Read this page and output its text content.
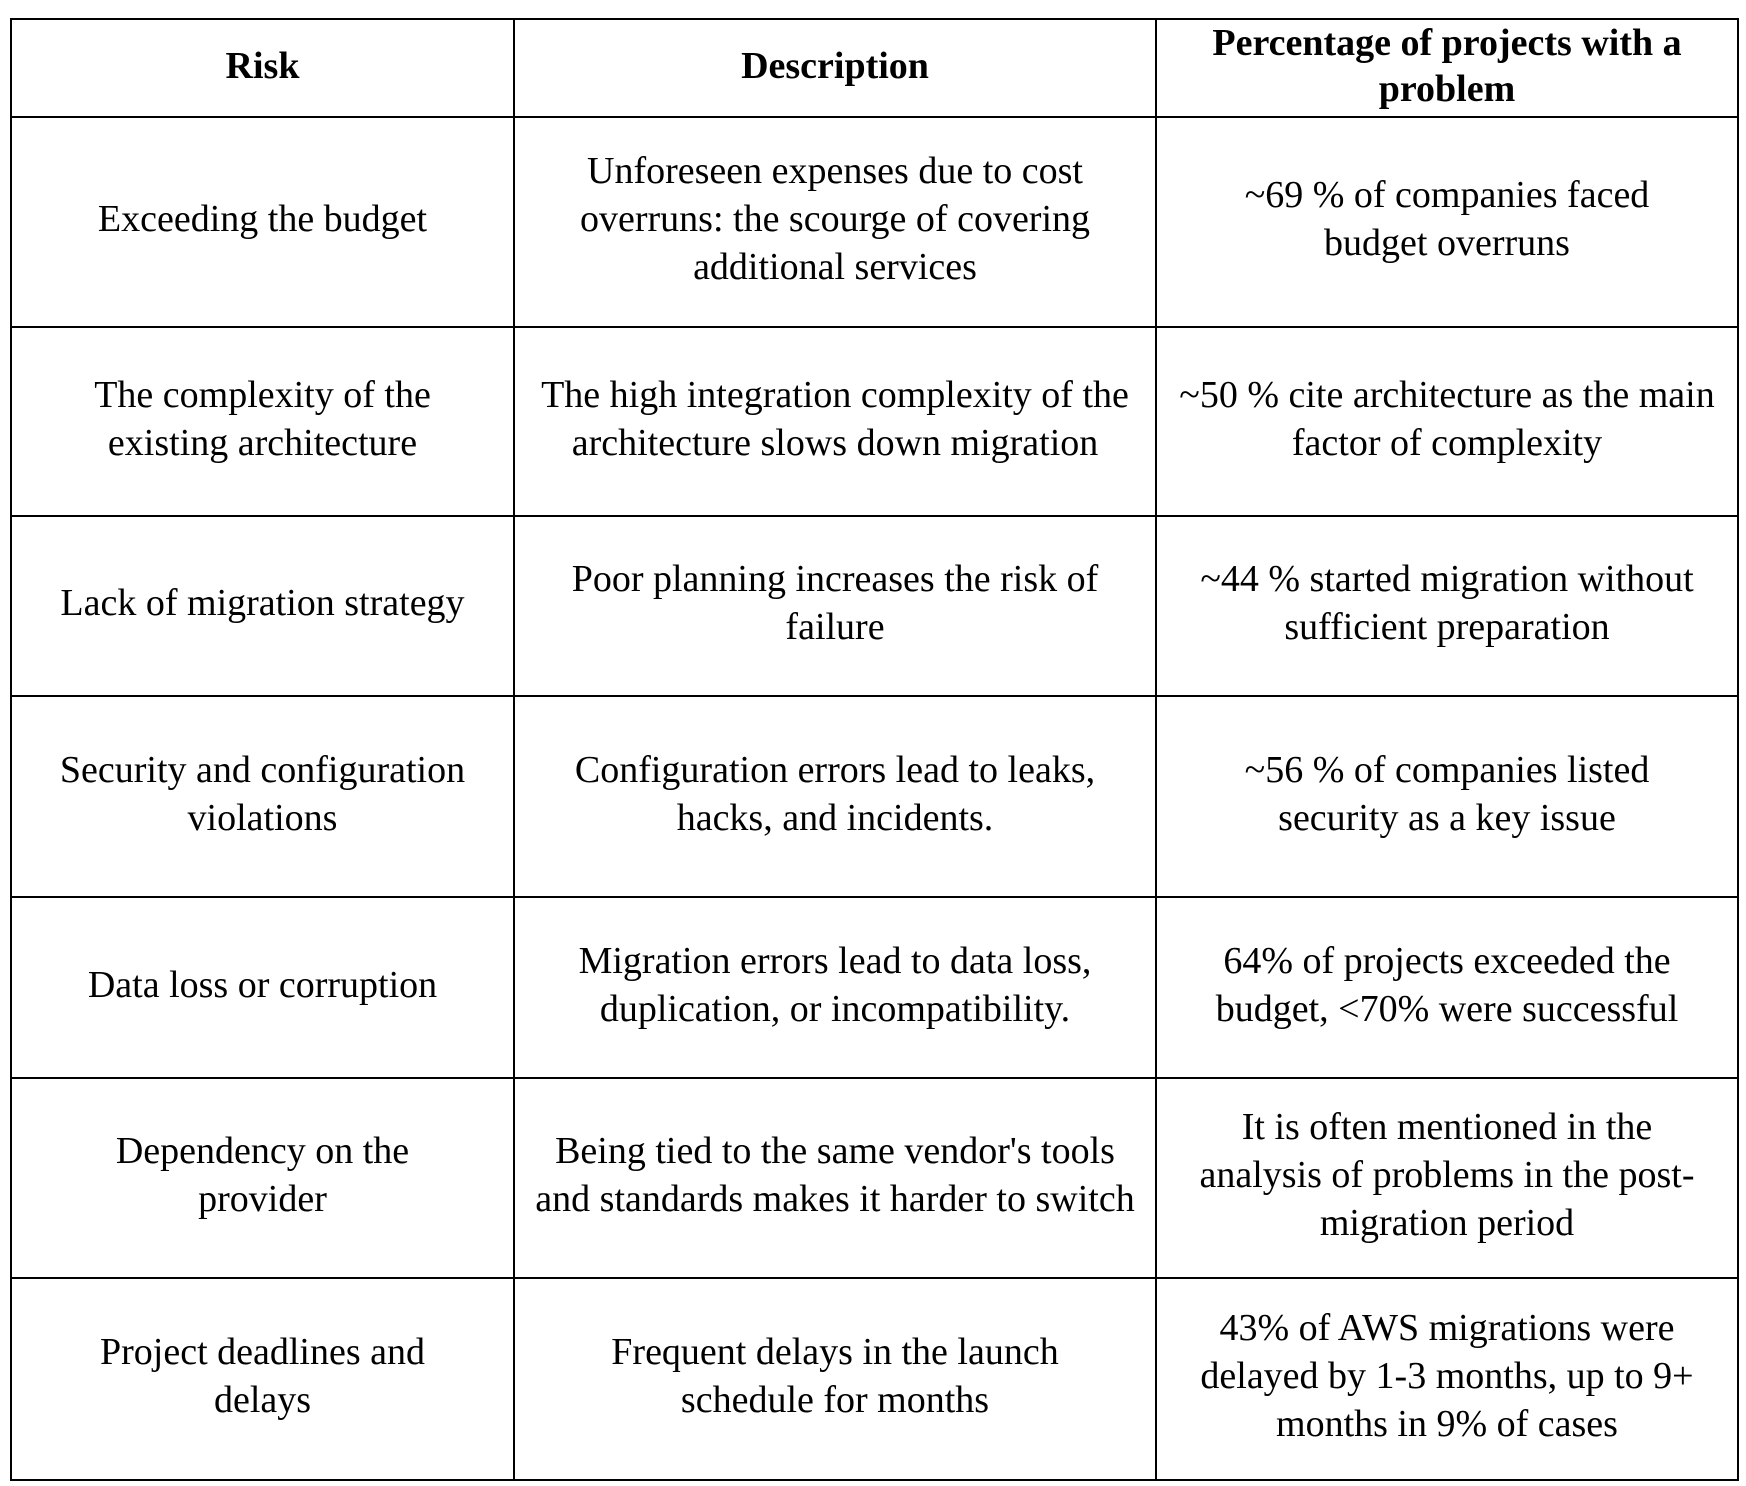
Risk	Description	Percentage of projects with a problem
Exceeding the budget	Unforeseen expenses due to cost overruns: the scourge of covering additional services	~69 % of companies faced budget overruns
The complexity of the existing architecture	The high integration complexity of the architecture slows down migration	~50 % cite architecture as the main factor of complexity
Lack of migration strategy	Poor planning increases the risk of failure	~44 % started migration without sufficient preparation
Security and configuration violations	Configuration errors lead to leaks, hacks, and incidents.	~56 % of companies listed security as a key issue
Data loss or corruption	Migration errors lead to data loss, duplication, or incompatibility.	64% of projects exceeded the budget, <70% were successful
Dependency on the provider	Being tied to the same vendor's tools and standards makes it harder to switch	It is often mentioned in the analysis of problems in the post-migration period
Project deadlines and delays	Frequent delays in the launch schedule for months	43% of AWS migrations were delayed by 1-3 months, up to 9+ months in 9% of cases
